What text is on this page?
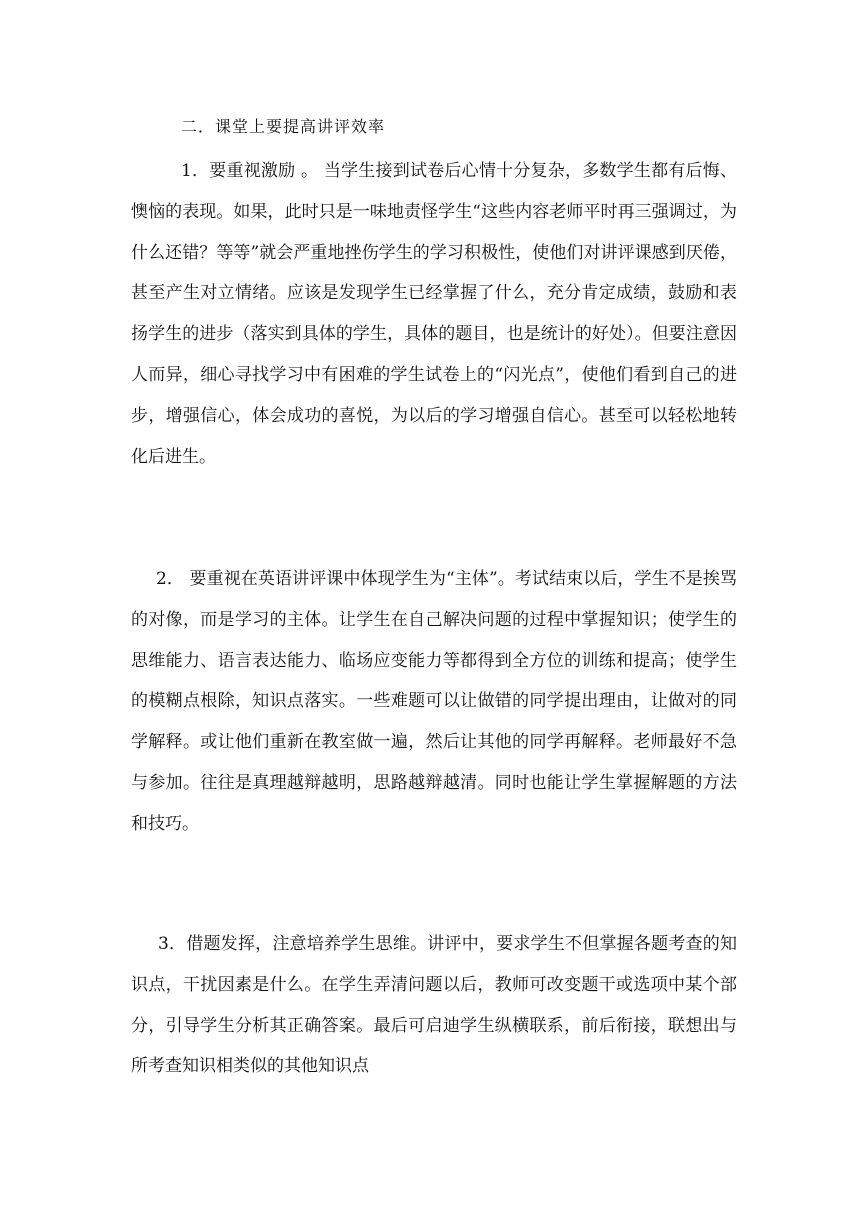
二．课堂上要提高讲评效率

1．要重视激励 。 当学生接到试卷后心情十分复杂，多数学生都有后悔、懊恼的表现。如果，此时只是一味地责怪学生“这些内容老师平时再三强调过，为什么还错？等等”就会严重地挫伤学生的学习积极性，使他们对讲评课感到厌倦，甚至产生对立情绪。应该是发现学生已经掌握了什么，充分肯定成绩，鼓励和表扬学生的进步（落实到具体的学生，具体的题目，也是统计的好处）。但要注意因人而异，细心寻找学习中有困难的学生试卷上的“闪光点”，使他们看到自己的进步，增强信心，体会成功的喜悦，为以后的学习增强自信心。甚至可以轻松地转化后进生。

2． 要重视在英语讲评课中体现学生为“主体”。考试结束以后，学生不是挨骂的对像，而是学习的主体。让学生在自己解决问题的过程中掌握知识；使学生的思维能力、语言表达能力、临场应变能力等都得到全方位的训练和提高；使学生的模糊点根除，知识点落实。一些难题可以让做错的同学提出理由，让做对的同学解释。或让他们重新在教室做一遍，然后让其他的同学再解释。老师最好不急与参加。往往是真理越辩越明，思路越辩越清。同时也能让学生掌握解题的方法和技巧。

3．借题发挥，注意培养学生思维。讲评中，要求学生不但掌握各题考查的知识点，干扰因素是什么。在学生弄清问题以后，教师可改变题干或选项中某个部分，引导学生分析其正确答案。最后可启迪学生纵横联系，前后衔接，联想出与所考查知识相类似的其他知识点
